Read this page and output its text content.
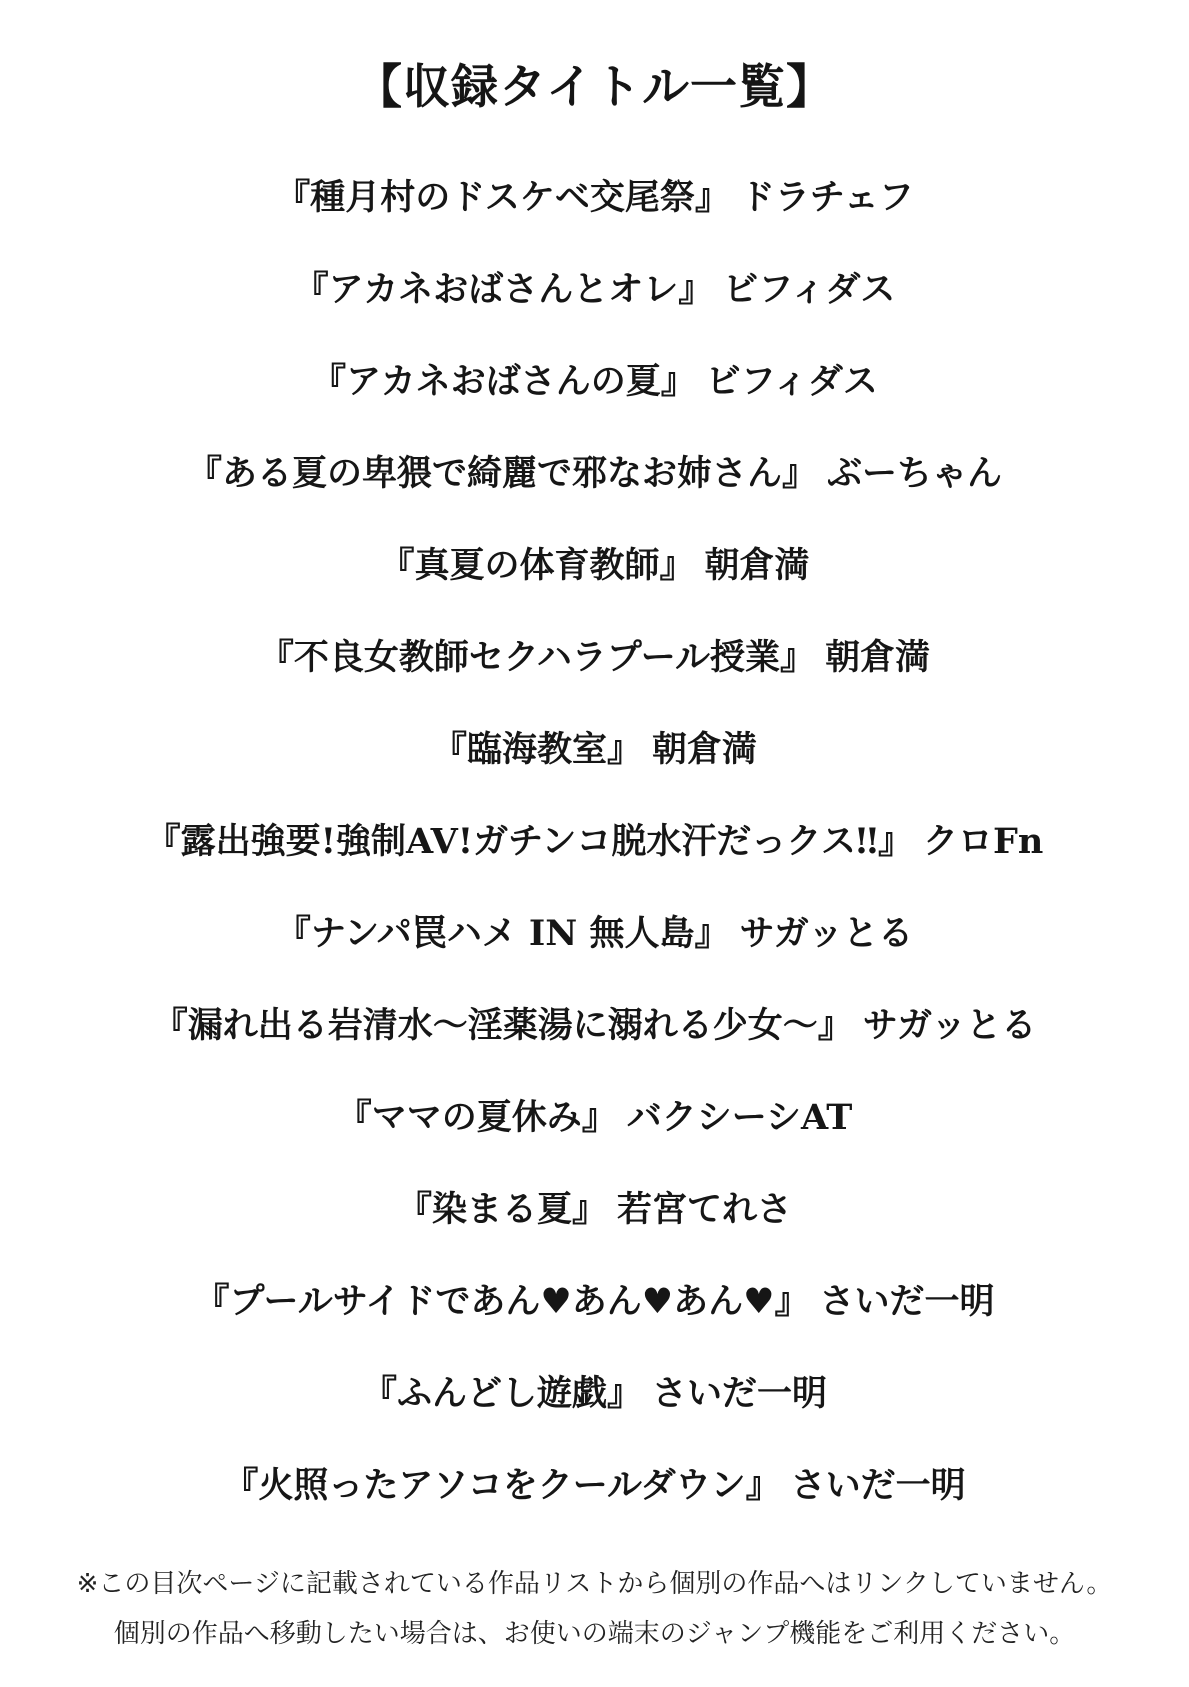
【収録タイトル一覧】
『種月村のドスケベ交尾祭』 ドラチェフ
『アカネおばさんとオレ』 ビフィダス
『アカネおばさんの夏』 ビフィダス
『ある夏の卑猥で綺麗で邪なお姉さん』 ぶーちゃん
『真夏の体育教師』 朝倉満
『不良女教師セクハラプール授業』 朝倉満
『臨海教室』 朝倉満
『露出強要!強制AV!ガチンコ脱水汗だっクス‼』 クロFn
『ナンパ罠ハメ IN 無人島』 サガッとる
『漏れ出る岩清水〜淫薬湯に溺れる少女〜』 サガッとる
『ママの夏休み』 バクシーシAT
『染まる夏』 若宮てれさ
『プールサイドであん♥あん♥あん♥』 さいだ一明
『ふんどし遊戯』 さいだ一明
『火照ったアソコをクールダウン』 さいだ一明
※この目次ページに記載されている作品リストから個別の作品へはリンクしていません。
個別の作品へ移動したい場合は、お使いの端末のジャンプ機能をご利用ください。
